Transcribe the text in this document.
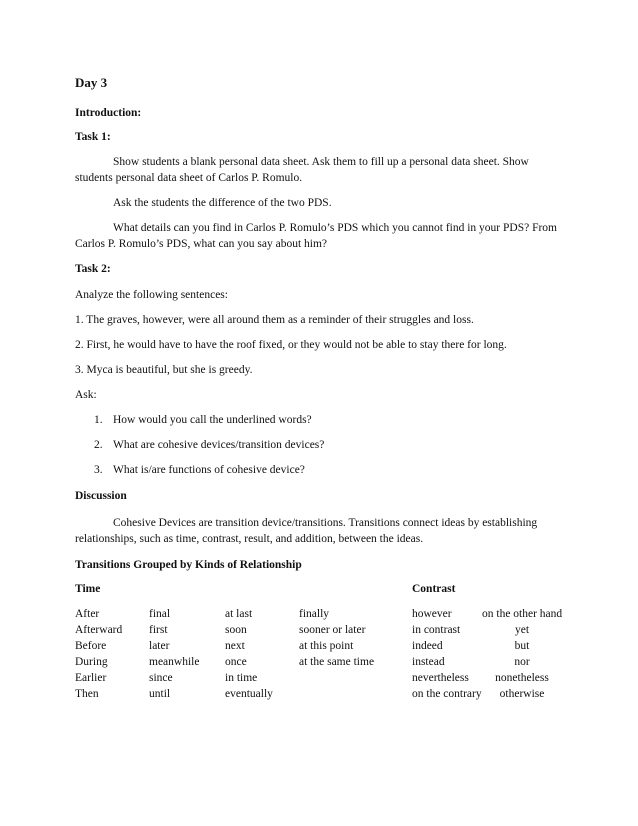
Day 3
Introduction:
Task 1:
Show students a blank personal data sheet. Ask them to fill up a personal data sheet. Show
students personal data sheet of Carlos P. Romulo.
Ask the students the difference of the two PDS.
What details can you find in Carlos P. Romulo’s PDS which you cannot find in your PDS? From
Carlos P. Romulo’s PDS, what can you say about him?
Task 2:
Analyze the following sentences:
1. The graves, however, were all around them as a reminder of their struggles and loss.
2. First, he would have to have the roof fixed, or they would not be able to stay there for long.
3. Myca is beautiful, but she is greedy.
Ask:
1. How would you call the underlined words?
2. What are cohesive devices/transition devices?
3. What is/are functions of cohesive device?
Discussion
Cohesive Devices are transition device/transitions. Transitions connect ideas by establishing
relationships, such as time, contrast, result, and addition, between the ideas.
Transitions Grouped by Kinds of Relationship
Time	Contrast
After
Afterward
Before
During
Earlier
Then
final
first
later
meanwhile
since
until
at last
soon
next
once
in time
eventually
finally
sooner or later
at this point
at the same time
however
in contrast
indeed
instead
nevertheless
on the contrary
on the other hand
yet
but
nor
nonetheless
otherwise
